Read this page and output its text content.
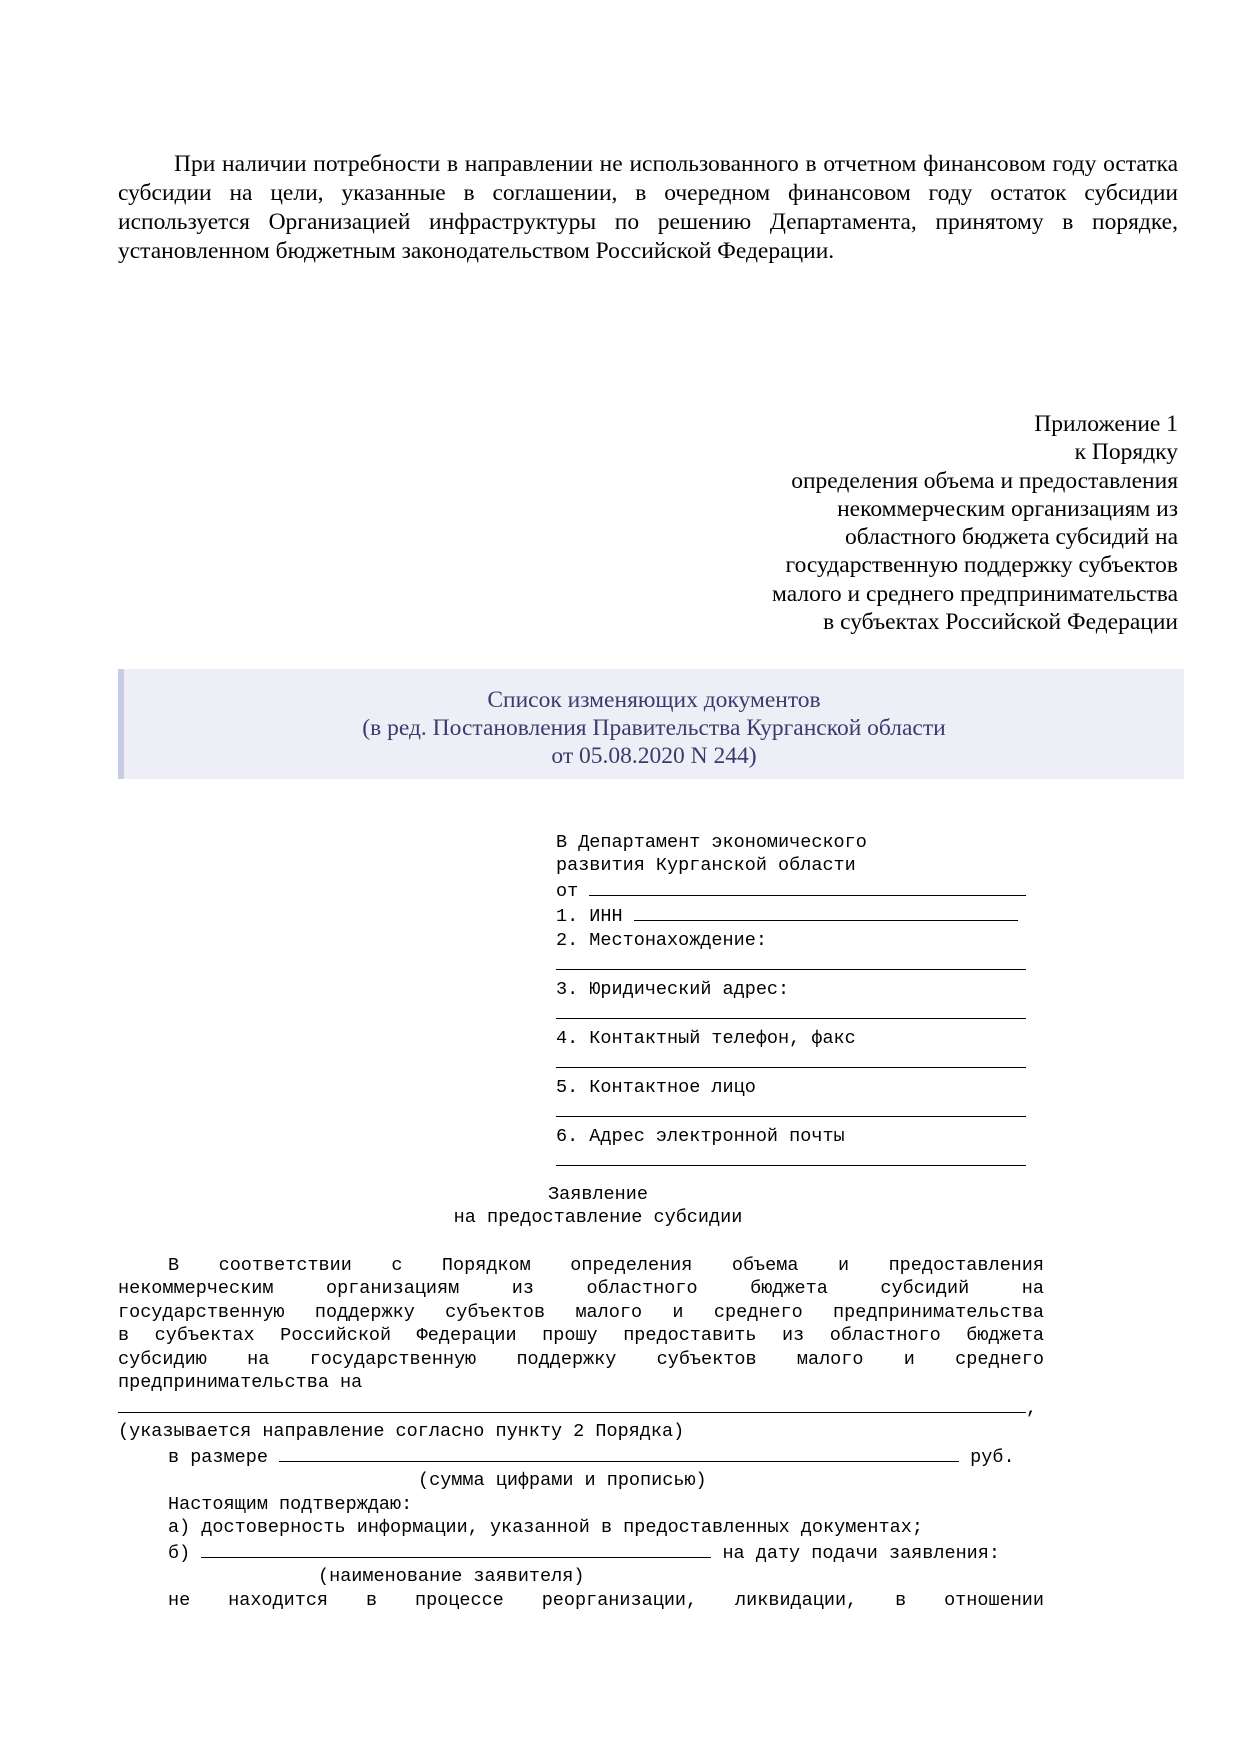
При наличии потребности в направлении не использованного в отчетном финансовом году остатка субсидии на цели, указанные в соглашении, в очередном финансовом году остаток субсидии используется Организацией инфраструктуры по решению Департамента, принятому в порядке, установленном бюджетным законодательством Российской Федерации.

Приложение 1
к Порядку
определения объема и предоставления
некоммерческим организациям из
областного бюджета субсидий на
государственную поддержку субъектов
малого и среднего предпринимательства
в субъектах Российской Федерации
Список изменяющих документов
(в ред. Постановления Правительства Курганской области
от 05.08.2020 N 244)

В Департамент экономического
развития Курганской области
от
1. ИНН
2. Местонахождение:
3. Юридический адрес:
4. Контактный телефон, факс
5. Контактное лицо
6. Адрес электронной почты

Заявление
на предоставление субсидии

В соответствии с Порядком определения объема и предоставления
некоммерческим организациям из областного бюджета субсидий на
государственную поддержку субъектов малого и среднего предпринимательства
в субъектах Российской Федерации прошу предоставить из областного бюджета
субсидию на государственную поддержку субъектов малого и среднего
предпринимательства на
,
(указывается направление согласно пункту 2 Порядка)
в размере	руб.
(сумма цифрами и прописью)
Настоящим подтверждаю:
а) достоверность информации, указанной в предоставленных документах;
б)	на дату подачи заявления:
(наименование заявителя)
не находится в процессе реорганизации, ликвидации, в отношении
